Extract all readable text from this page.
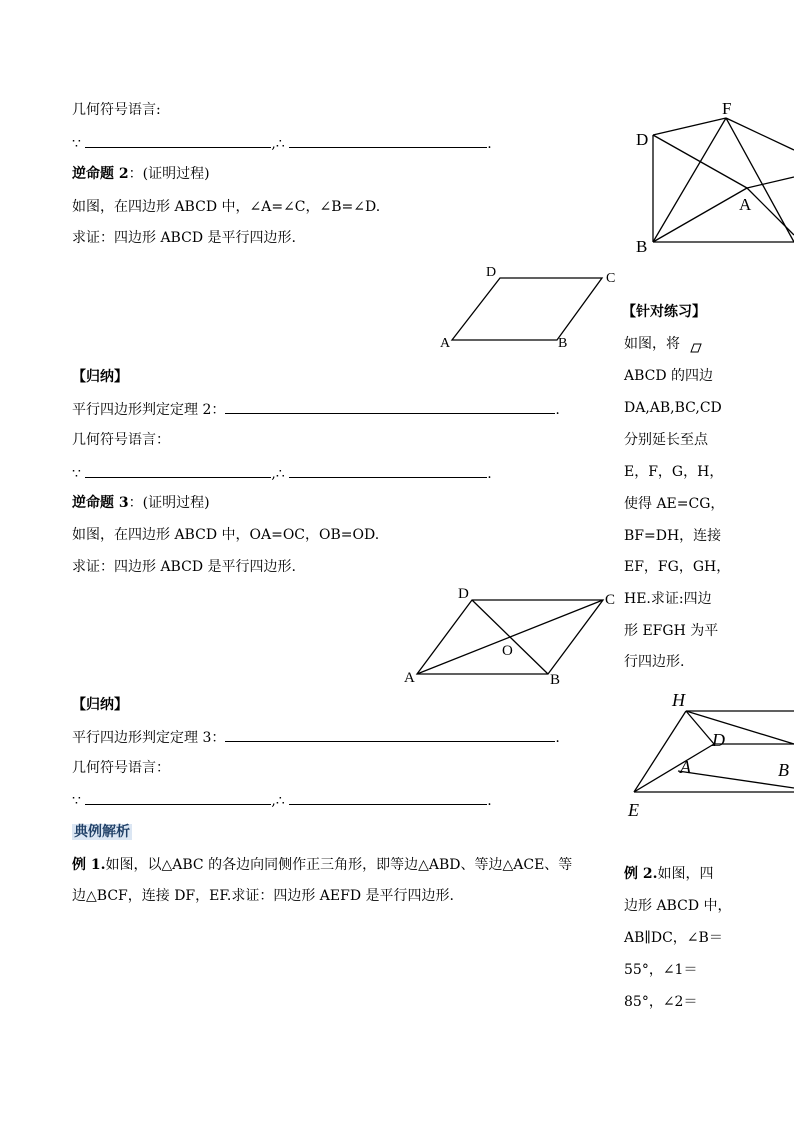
几何符号语言:
∵	,∴	.
逆命题 2：(证明过程)
如图，在四边形 ABCD 中，∠A=∠C，∠B=∠D.
求证：四边形 ABCD 是平行四边形.
A	B
C
D
【归纳】
平行四边形判定定理 2：	.
几何符号语言：
∵	,∴	.
逆命题 3：(证明过程)
如图，在四边形 ABCD 中，OA=OC，OB=OD.
求证：四边形 ABCD 是平行四边形.
A	B
C
D
O
【归纳】
平行四边形判定定理 3：	.
几何符号语言：
∵	,∴	.
典例解析
例 1.如图，以△ABC 的各边向同侧作正三角形，即等边△ABD、等边△ACE、等
边△BCF，连接 DF，EF.求证：四边形 AEFD 是平行四边形.
F
D
A
B
【针对练习】
如图，将
ABCD 的四边
DA,AB,BC,CD
分别延长至点
E，F，G，H，
使得 AE=CG，
BF=DH，连接
EF，FG，GH，
HE.求证:四边
形 EFGH 为平
行四边形.
H
D
A	B
E
例 2.如图，四
边形 ABCD 中，
AB∥DC，∠B＝
55°，∠1＝
85°，∠2＝
